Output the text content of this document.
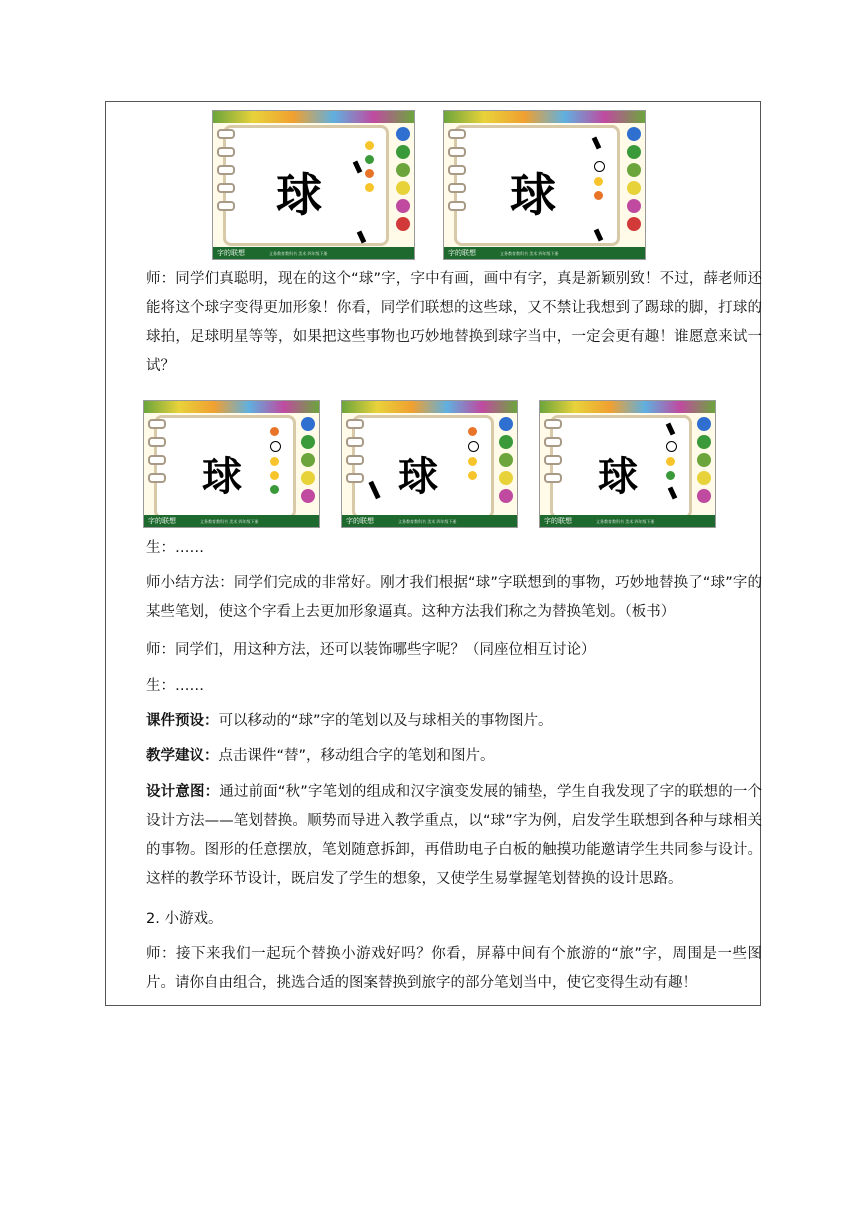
球
字的联想	义务教育教科书 美术 四年级下册
球
字的联想	义务教育教科书 美术 四年级下册

师：同学们真聪明，现在的这个“球”字，字中有画，画中有字，真是新颖别致！不过，薛老师还能将这个球字变得更加形象！你看，同学们联想的这些球，又不禁让我想到了踢球的脚，打球的球拍，足球明星等等，如果把这些事物也巧妙地替换到球字当中，一定会更有趣！谁愿意来试一试？

球
字的联想	义务教育教科书 美术 四年级下册
球
字的联想	义务教育教科书 美术 四年级下册
球
字的联想	义务教育教科书 美术 四年级下册

生：……

师小结方法：同学们完成的非常好。刚才我们根据“球”字联想到的事物，巧妙地替换了“球”字的某些笔划，使这个字看上去更加形象逼真。这种方法我们称之为替换笔划。（板书）

师：同学们，用这种方法，还可以装饰哪些字呢？（同座位相互讨论）

生：……

课件预设：可以移动的“球”字的笔划以及与球相关的事物图片。

教学建议：点击课件“替”，移动组合字的笔划和图片。

设计意图：通过前面“秋”字笔划的组成和汉字演变发展的铺垫，学生自我发现了字的联想的一个设计方法——笔划替换。顺势而导进入教学重点，以“球”字为例，启发学生联想到各种与球相关的事物。图形的任意摆放，笔划随意拆卸，再借助电子白板的触摸功能邀请学生共同参与设计。这样的教学环节设计，既启发了学生的想象，又使学生易掌握笔划替换的设计思路。

2. 小游戏。

师：接下来我们一起玩个替换小游戏好吗？你看，屏幕中间有个旅游的“旅”字，周围是一些图片。请你自由组合，挑选合适的图案替换到旅字的部分笔划当中，使它变得生动有趣！
